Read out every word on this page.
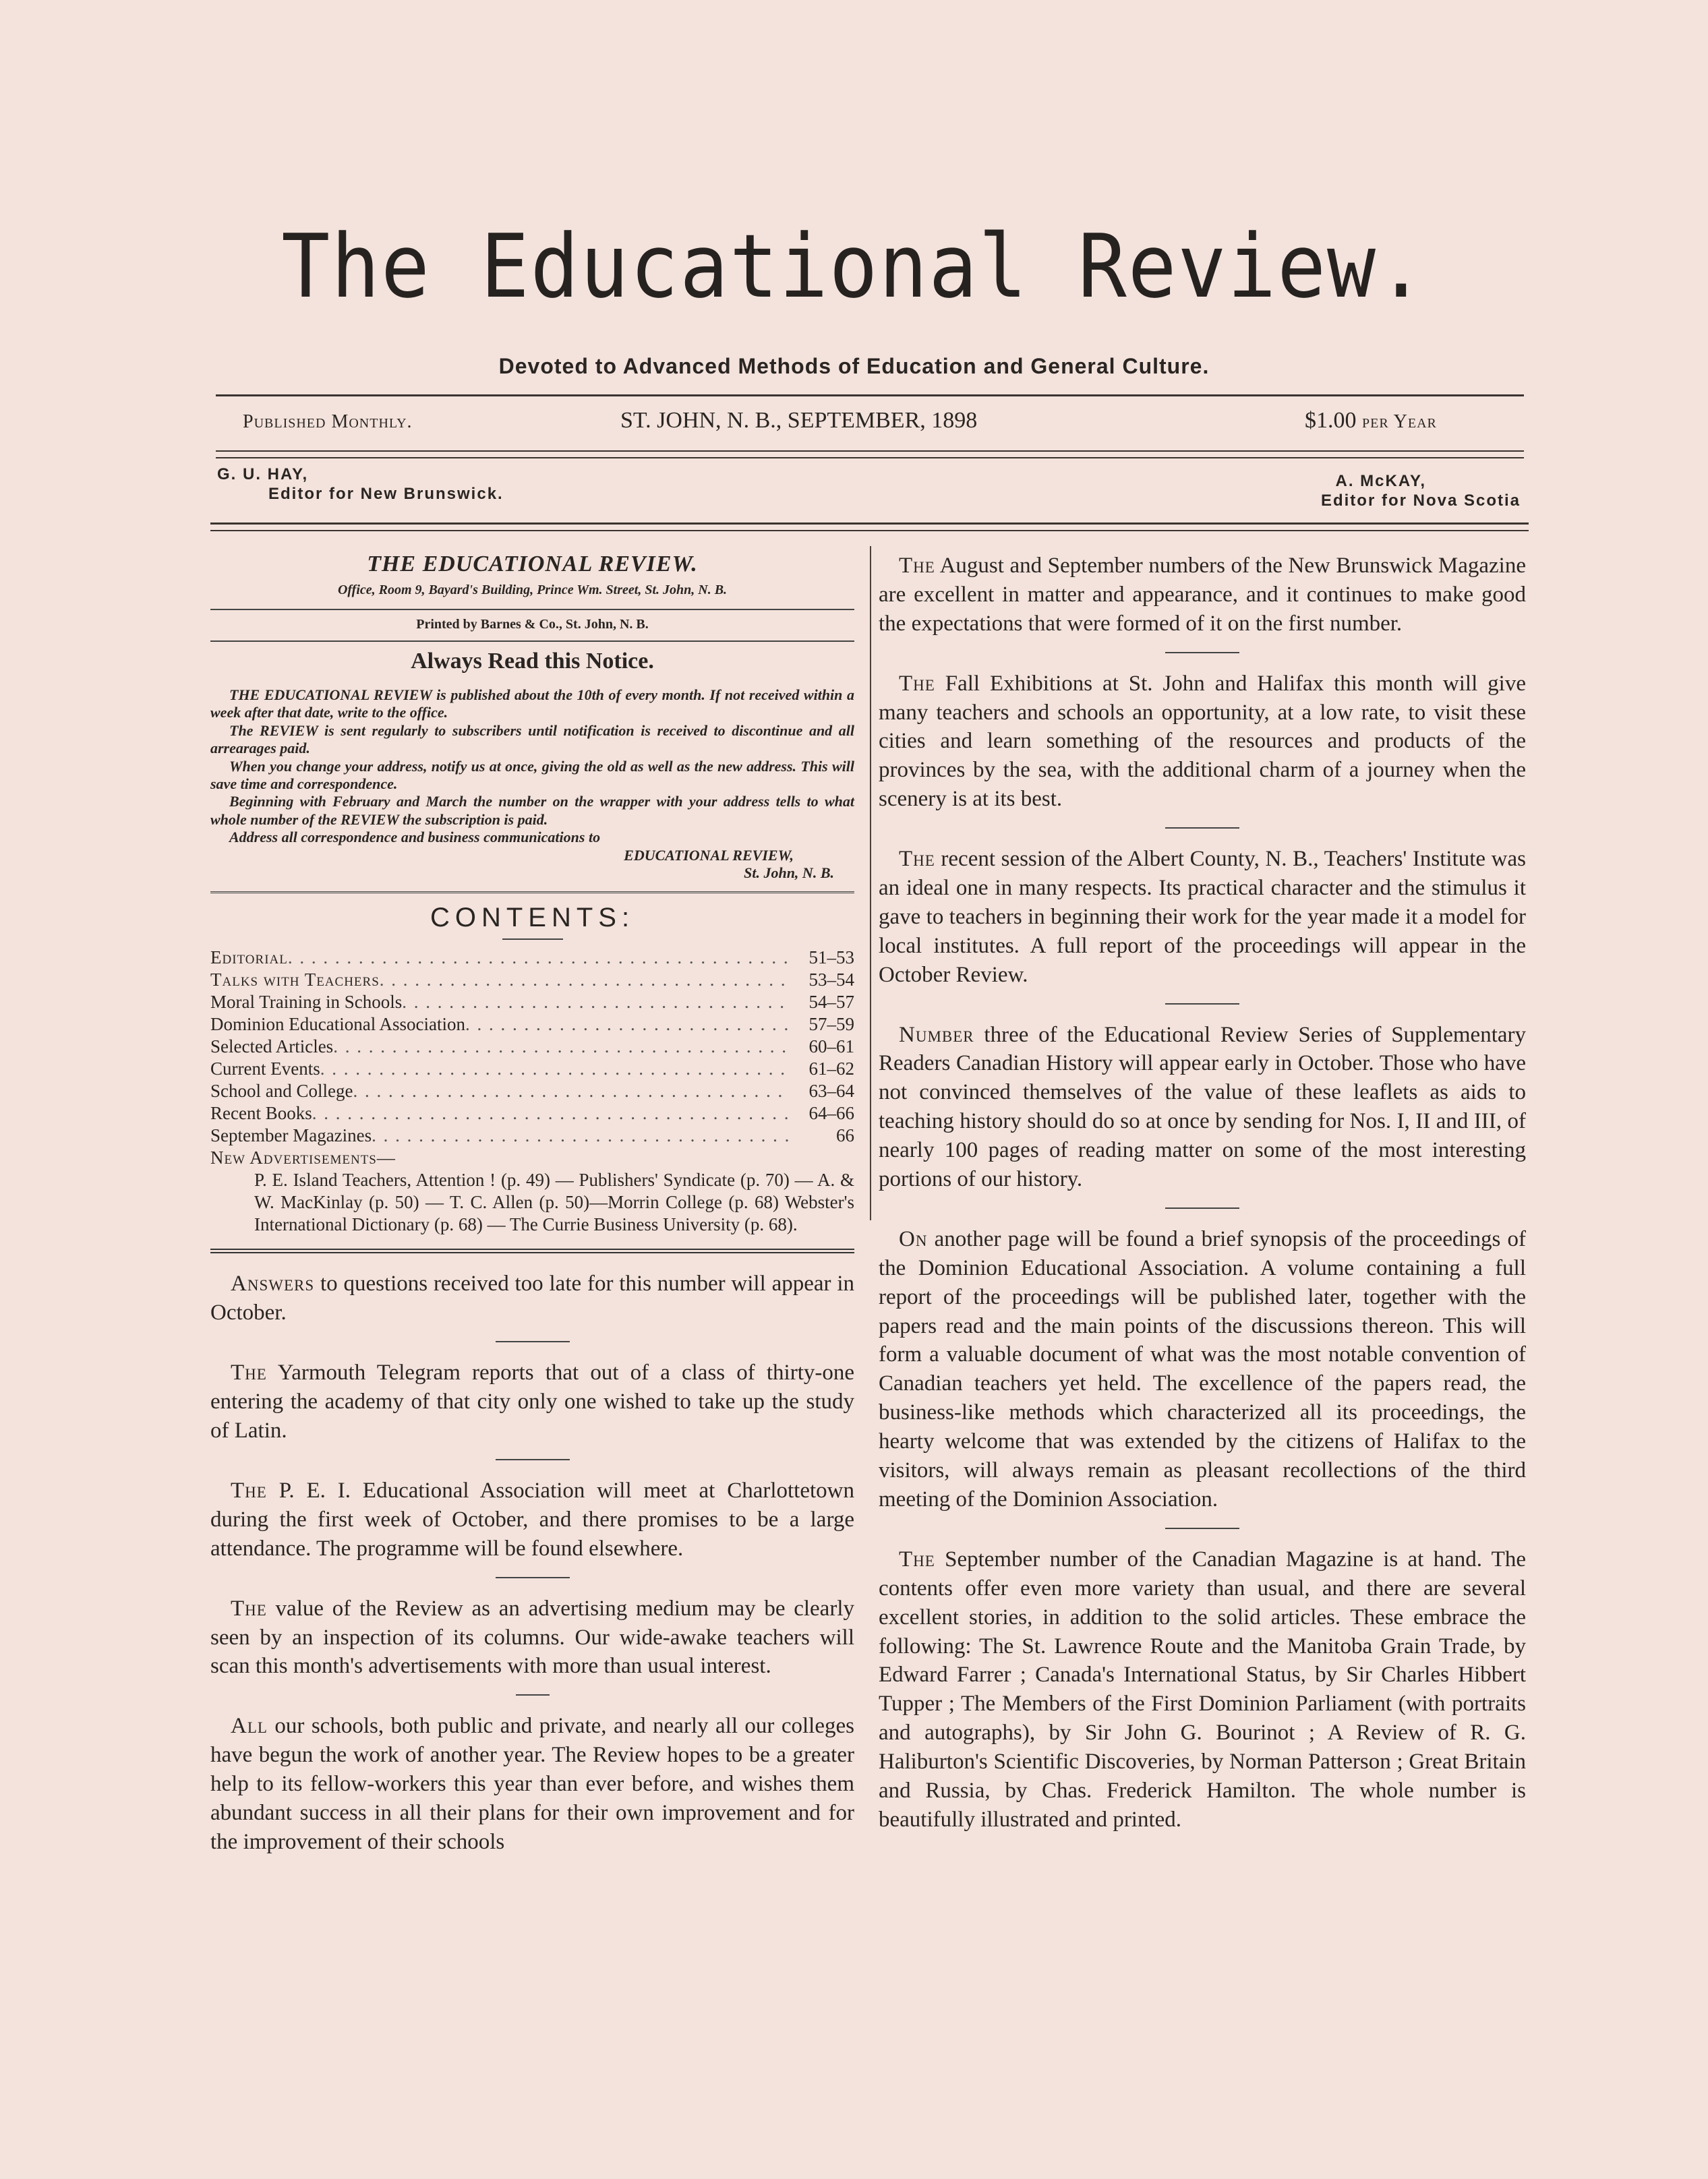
The Educational Review.
Devoted to Advanced Methods of Education and General Culture.
Published Monthly.	ST. JOHN, N. B., SEPTEMBER, 1898	$1.00 per Year
G. U. HAY,
Editor for New Brunswick.
A. McKAY,
Editor for Nova Scotia
THE EDUCATIONAL REVIEW.
Office, Room 9, Bayard's Building, Prince Wm. Street, St. John, N. B.
Printed by Barnes & Co., St. John, N. B.
Always Read this Notice.

THE EDUCATIONAL REVIEW is published about the 10th of every month. If not received within a week after that date, write to the office.

The REVIEW is sent regularly to subscribers until notification is received to discontinue and all arrearages paid.

When you change your address, notify us at once, giving the old as well as the new address. This will save time and correspondence.

Beginning with February and March the number on the wrapper with your address tells to what whole number of the REVIEW the subscription is paid.

Address all correspondence and business communications to

EDUCATIONAL REVIEW,
St. John, N. B.
CONTENTS:
Editorial . . .	51–53
Talks with Teachers . . .	53–54
Moral Training in Schools . . .	54–57
Dominion Educational Association . . .	57–59
Selected Articles . . .	60–61
Current Events . . .	61–62
School and College . . .	63–64
Recent Books . . .	64–66
September Magazines . . .	66
New Advertisements—
P. E. Island Teachers, Attention ! (p. 49) — Publishers' Syndicate (p. 70) — A. & W. MacKinlay (p. 50) — T. C. Allen (p. 50)—Morrin College (p. 68) Webster's International Dictionary (p. 68) — The Currie Business University (p. 68).

Answers to questions received too late for this number will appear in October.

The Yarmouth Telegram reports that out of a class of thirty-one entering the academy of that city only one wished to take up the study of Latin.

The P. E. I. Educational Association will meet at Charlottetown during the first week of October, and there promises to be a large attendance. The programme will be found elsewhere.

The value of the Review as an advertising medium may be clearly seen by an inspection of its columns. Our wide-awake teachers will scan this month's advertisements with more than usual interest.

All our schools, both public and private, and nearly all our colleges have begun the work of another year. The Review hopes to be a greater help to its fellow-workers this year than ever before, and wishes them abundant success in all their plans for their own improvement and for the improvement of their schools

The August and September numbers of the New Brunswick Magazine are excellent in matter and appearance, and it continues to make good the expectations that were formed of it on the first number.

The Fall Exhibitions at St. John and Halifax this month will give many teachers and schools an opportunity, at a low rate, to visit these cities and learn something of the resources and products of the provinces by the sea, with the additional charm of a journey when the scenery is at its best.

The recent session of the Albert County, N. B., Teachers' Institute was an ideal one in many respects. Its practical character and the stimulus it gave to teachers in beginning their work for the year made it a model for local institutes. A full report of the proceedings will appear in the October Review.

Number three of the Educational Review Series of Supplementary Readers Canadian History will appear early in October. Those who have not convinced themselves of the value of these leaflets as aids to teaching history should do so at once by sending for Nos. I, II and III, of nearly 100 pages of reading matter on some of the most interesting portions of our history.

On another page will be found a brief synopsis of the proceedings of the Dominion Educational Association. A volume containing a full report of the proceedings will be published later, together with the papers read and the main points of the discussions thereon. This will form a valuable document of what was the most notable convention of Canadian teachers yet held. The excellence of the papers read, the business-like methods which characterized all its proceedings, the hearty welcome that was extended by the citizens of Halifax to the visitors, will always remain as pleasant recollections of the third meeting of the Dominion Association.

The September number of the Canadian Magazine is at hand. The contents offer even more variety than usual, and there are several excellent stories, in addition to the solid articles. These embrace the following: The St. Lawrence Route and the Manitoba Grain Trade, by Edward Farrer ; Canada's International Status, by Sir Charles Hibbert Tupper ; The Members of the First Dominion Parliament (with portraits and autographs), by Sir John G. Bourinot ; A Review of R. G. Haliburton's Scientific Discoveries, by Norman Patterson ; Great Britain and Russia, by Chas. Frederick Hamilton. The whole number is beautifully illustrated and printed.
